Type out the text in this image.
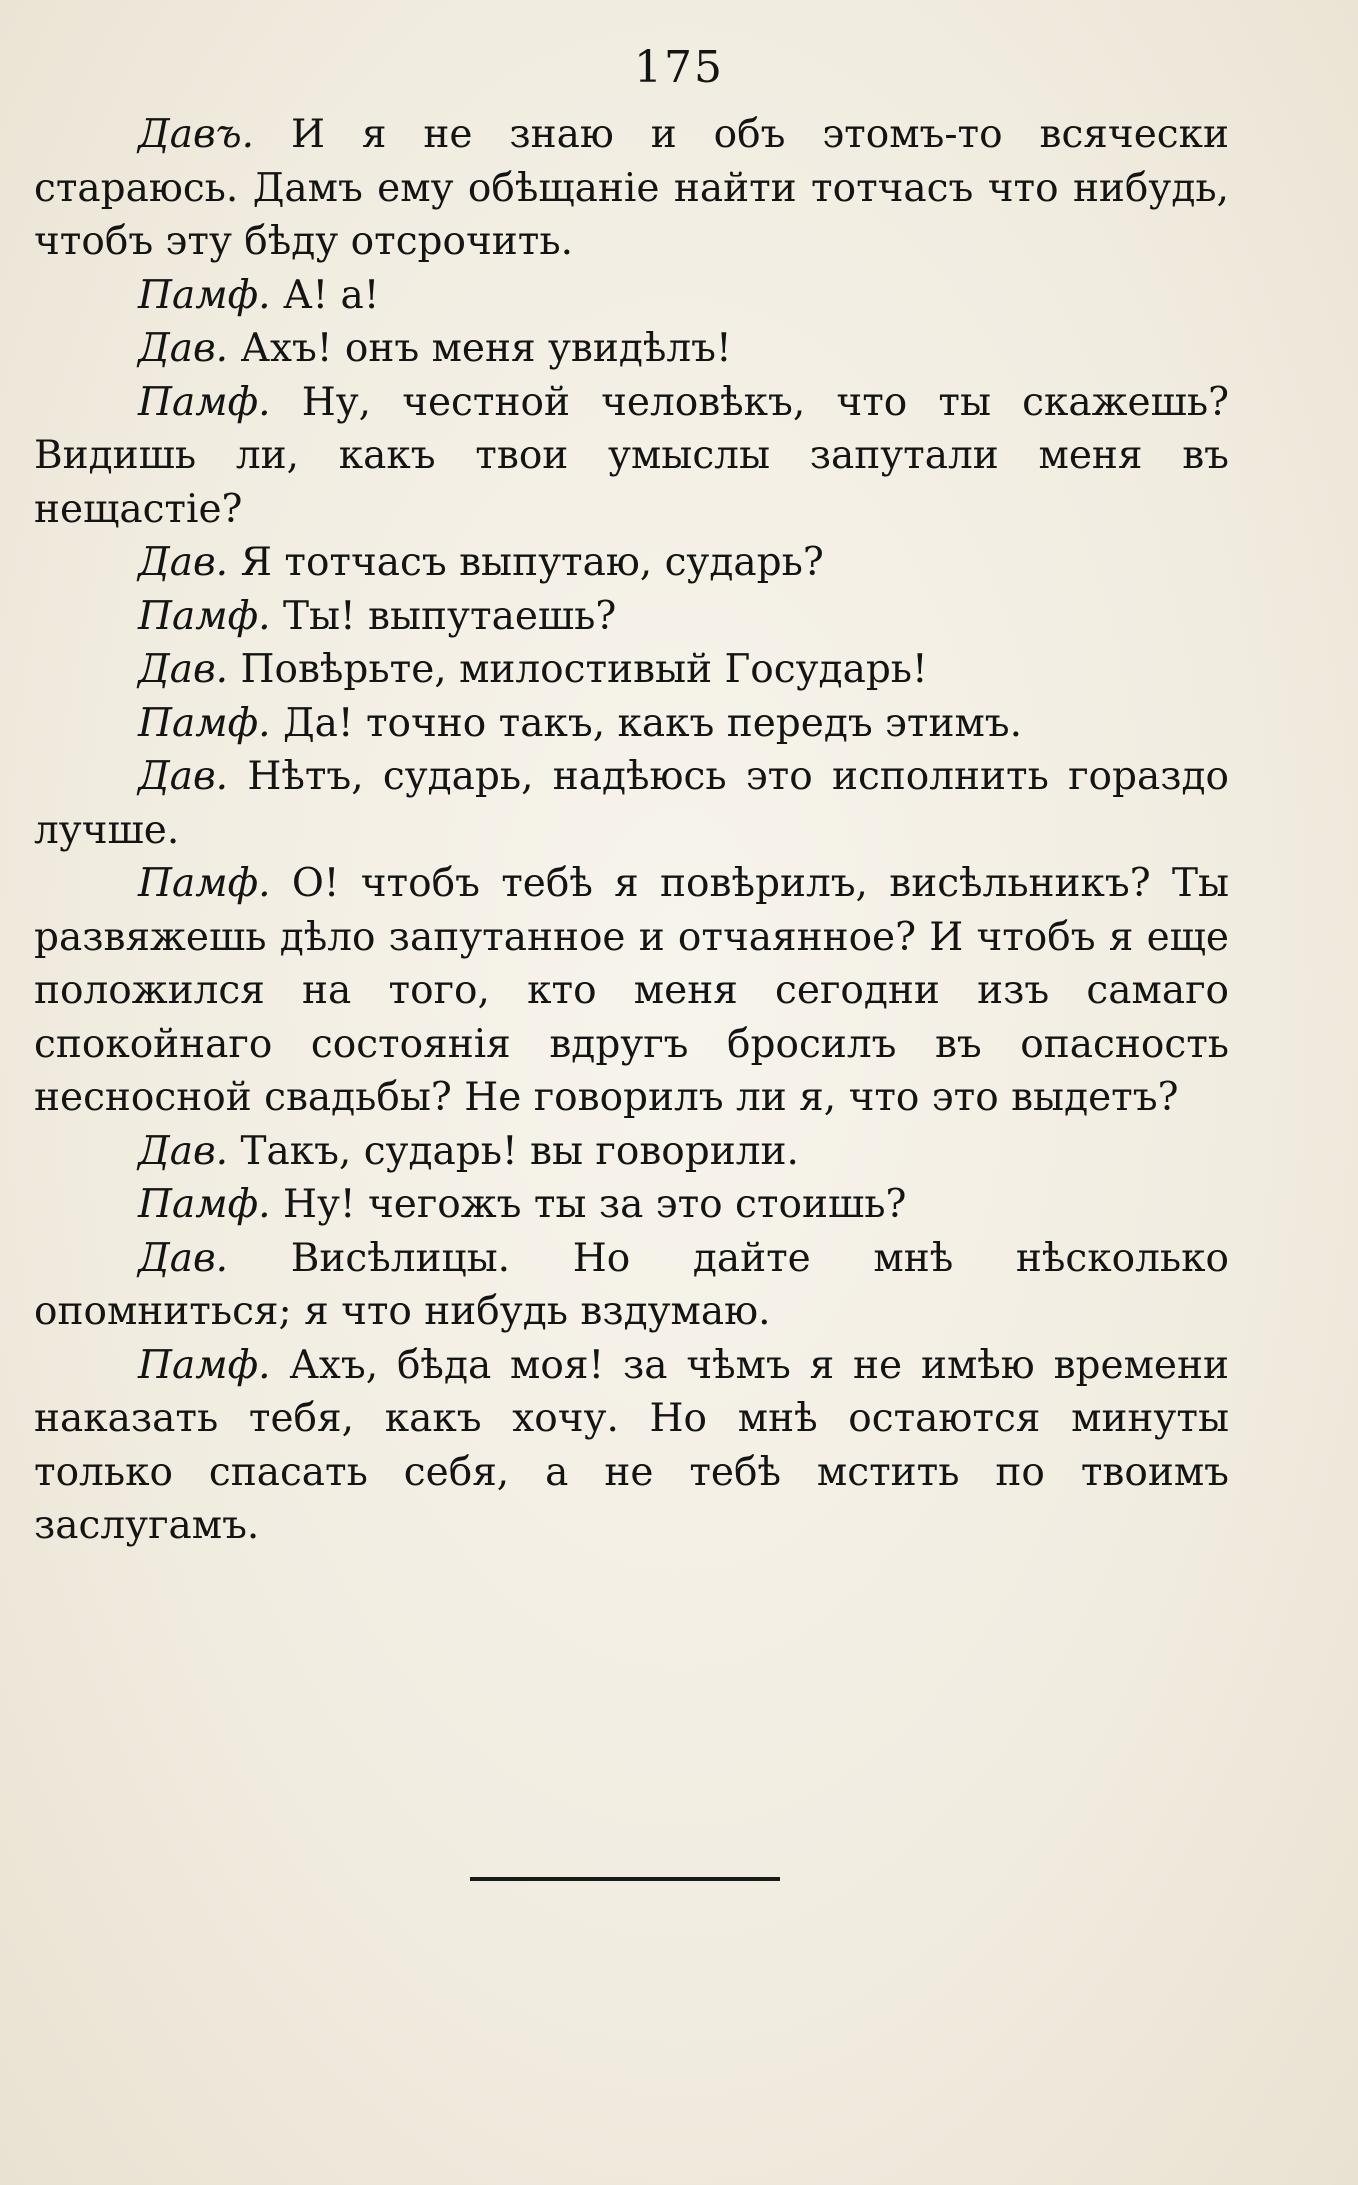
175

Давъ. И я не знаю и объ этомъ-то всячески стараюсь. Дамъ ему обѣщаніе найти тотчасъ что нибудь, чтобъ эту бѣду отсрочить.

Памф. А! а!

Дав. Ахъ! онъ меня увидѣлъ!

Памф. Ну, честной человѣкъ, что ты скажешь? Видишь ли, какъ твои умыслы запутали меня въ нещастіе?

Дав. Я тотчасъ выпутаю, сударь?

Памф. Ты! выпутаешь?

Дав. Повѣрьте, милостивый Государь!

Памф. Да! точно такъ, какъ передъ этимъ.

Дав. Нѣтъ, сударь, надѣюсь это исполнить гораздо лучше.

Памф. О! чтобъ тебѣ я повѣрилъ, висѣльникъ? Ты развяжешь дѣло запутанное и отчаянное? И чтобъ я еще положился на того, кто меня сегодни изъ самаго спокойнаго состоянія вдругъ бросилъ въ опасность несносной свадьбы? Не говорилъ ли я, что это выдетъ?

Дав. Такъ, сударь! вы говорили.

Памф. Ну! чегожъ ты за это стоишь?

Дав. Висѣлицы. Но дайте мнѣ нѣсколько опомниться; я что нибудь вздумаю.

Памф. Ахъ, бѣда моя! за чѣмъ я не имѣю времени наказать тебя, какъ хочу. Но мнѣ остаются минуты только спасать себя, а не тебѣ мстить по твоимъ заслугамъ.
